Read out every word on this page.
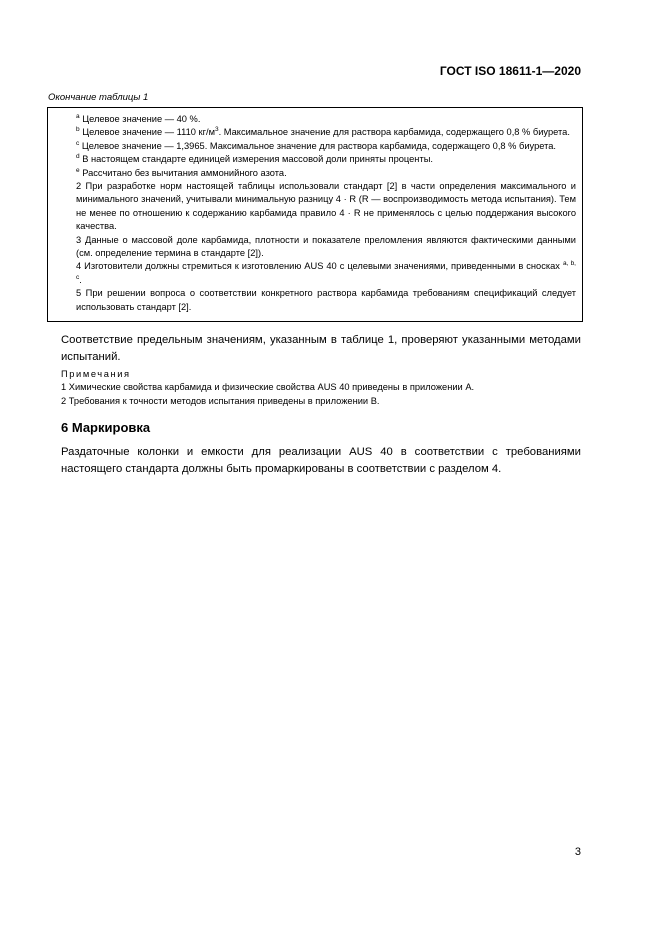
ГОСТ ISO 18611-1—2020
Окончание таблицы 1

$^a$ Целевое значение — 40 %.

$^b$ Целевое значение — 1110 $кг/м^3$. Максимальное значение для раствора карбамида, содержащего 0,8 % биурета.

$^c$ Целевое значение — 1,3965. Максимальное значение для раствора карбамида, содержащего 0,8 % биурета.

$^d$ В настоящем стандарте единицей измерения массовой доли приняты проценты.

$^e$ Рассчитано без вычитания аммонийного азота.

2 При разработке норм настоящей таблицы использовали стандарт [2] в части определения максимального и минимального значений, учитывали минимальную разницу 4 · R (R — воспроизводимость метода испытания). Тем не менее по отношению к содержанию карбамида правило 4 · R не применялось с целью поддержания высокого качества.

3 Данные о массовой доле карбамида, плотности и показателе преломления являются фактическими данными (см. определение термина в стандарте [2]).

4 Изготовители должны стремиться к изготовлению AUS 40 с целевыми значениями, приведенными в сносках $^{a, b, c}$.

5 При решении вопроса о соответствии конкретного раствора карбамида требованиям спецификаций следует использовать стандарт [2].

Соответствие предельным значениям, указанным в таблице 1, проверяют указанными методами испытаний.

Примечания

1 Химические свойства карбамида и физические свойства AUS 40 приведены в приложении А.

2 Требования к точности методов испытания приведены в приложении В.

6 Маркировка
Раздаточные колонки и емкости для реализации AUS 40 в соответствии с требованиями настоящего стандарта должны быть промаркированы в соответствии с разделом 4.
3
